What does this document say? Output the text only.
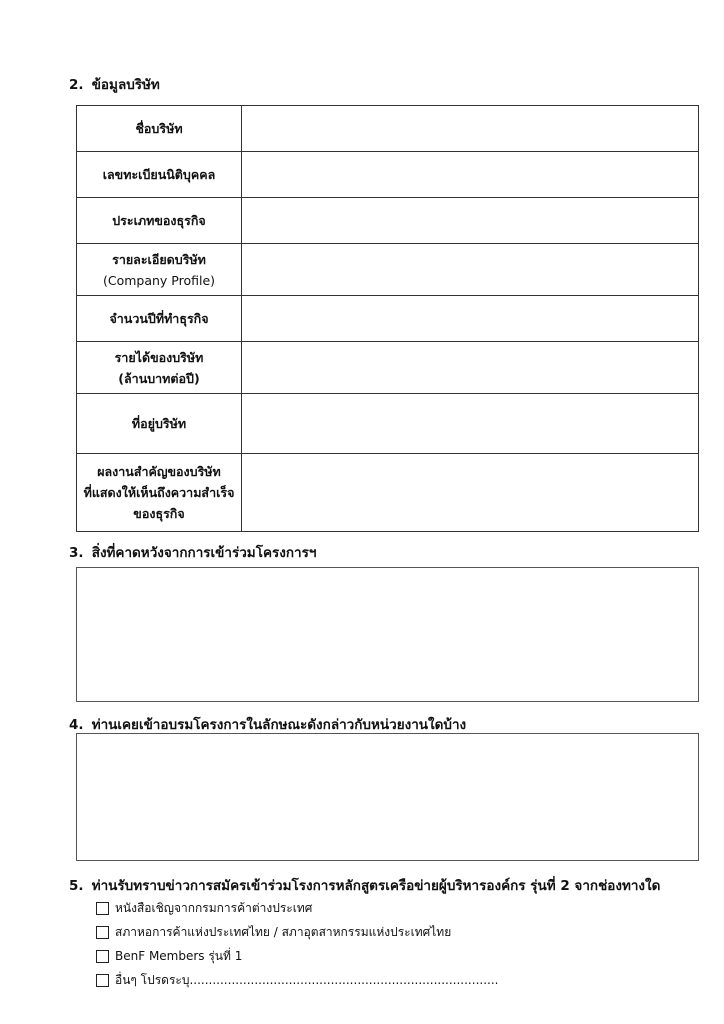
2. ข้อมูลบริษัท
ชื่อบริษัท	

เลขทะเบียนนิติบุคคล	

ประเภทของธุรกิจ	

รายละเอียดบริษัท
(Company Profile)	

จำนวนปีที่ทำธุรกิจ	

รายได้ของบริษัท
(ล้านบาทต่อปี)	

ที่อยู่บริษัท	

ผลงานสำคัญของบริษัท
ที่แสดงให้เห็นถึงความสำเร็จ
ของธุรกิจ	

3. สิ่งที่คาดหวังจากการเข้าร่วมโครงการฯ
4. ท่านเคยเข้าอบรมโครงการในลักษณะดังกล่าวกับหน่วยงานใดบ้าง
5. ท่านรับทราบข่าวการสมัครเข้าร่วมโรงการหลักสูตรเครือข่ายผู้บริหารองค์กร รุ่นที่ 2 จากช่องทางใด
หนังสือเชิญจากกรมการค้าต่างประเทศ
สภาหอการค้าแห่งประเทศไทย / สภาอุตสาหกรรมแห่งประเทศไทย
BenF Members รุ่นที่ 1
อื่นๆ โปรดระบุ.................................................................................
